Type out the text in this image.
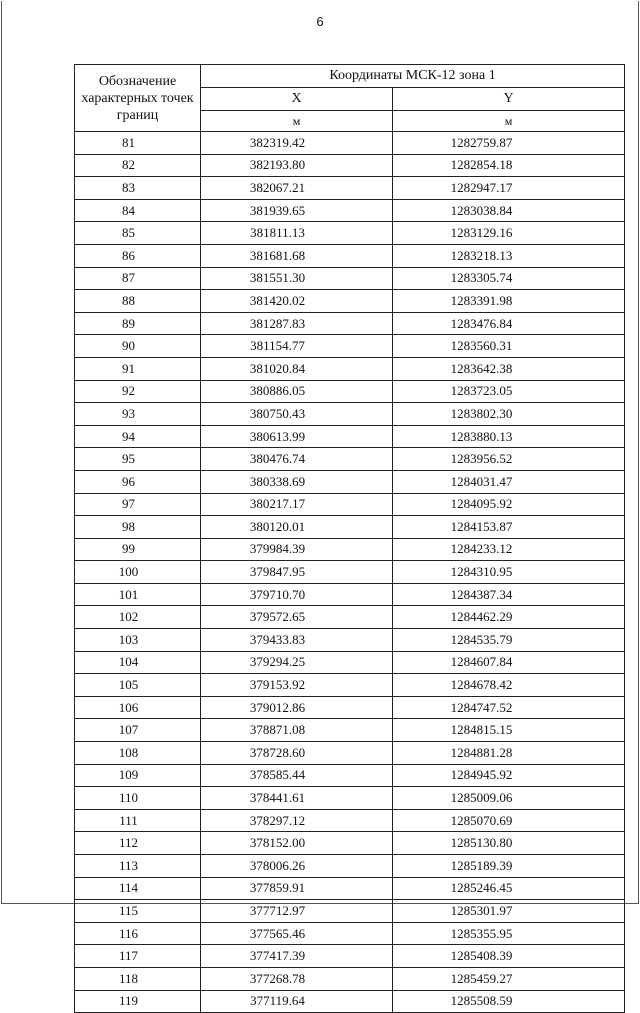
6
Обозначение характерных точек границ	Координаты МСК-12 зона 1	
	X	Y
	м	м
81	382319.42	1282759.87
82	382193.80	1282854.18
83	382067.21	1282947.17
84	381939.65	1283038.84
85	381811.13	1283129.16
86	381681.68	1283218.13
87	381551.30	1283305.74
88	381420.02	1283391.98
89	381287.83	1283476.84
90	381154.77	1283560.31
91	381020.84	1283642.38
92	380886.05	1283723.05
93	380750.43	1283802.30
94	380613.99	1283880.13
95	380476.74	1283956.52
96	380338.69	1284031.47
97	380217.17	1284095.92
98	380120.01	1284153.87
99	379984.39	1284233.12
100	379847.95	1284310.95
101	379710.70	1284387.34
102	379572.65	1284462.29
103	379433.83	1284535.79
104	379294.25	1284607.84
105	379153.92	1284678.42
106	379012.86	1284747.52
107	378871.08	1284815.15
108	378728.60	1284881.28
109	378585.44	1284945.92
110	378441.61	1285009.06
111	378297.12	1285070.69
112	378152.00	1285130.80
113	378006.26	1285189.39
114	377859.91	1285246.45
115	377712.97	1285301.97
116	377565.46	1285355.95
117	377417.39	1285408.39
118	377268.78	1285459.27
119	377119.64	1285508.59
